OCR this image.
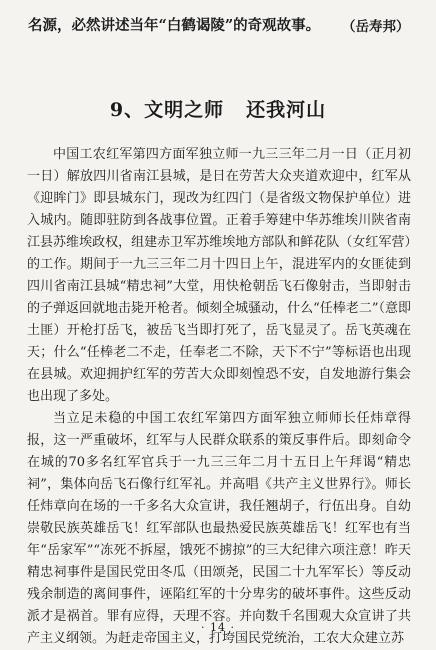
名源，必然讲述当年“白鹤谒陵”的奇观故事。 （岳寿邦）
9、文明之师 还我河山

中国工农红军第四方面军独立师一九三三年二月一日（正月初一日）解放四川省南江县城，是日在劳苦大众夹道欢迎中，红军从《迎眸门》即县城东门，现改为红四门（是省级文物保护单位）进入城内。随即驻防到各战事位置。正着手筹建中华苏维埃川陕省南江县苏维埃政权，组建赤卫军苏维埃地方部队和鲜花队（女红军营）的工作。期间于一九三三年二月十四日上午，混进军内的女匪徒到四川省南江县城“精忠祠”大堂，用快枪朝岳飞石像射击，当即射击的子弹返回就地击毙开枪者。倾刻全城骚动，什么“任棒老二”（意即土匪）开枪打岳飞，被岳飞当即打死了，岳飞显灵了。岳飞英魂在天；什么“任棒老二不走，任奉老二不除，天下不宁”等标语也出现在县城。欢迎拥护红军的劳苦大众即刻惶恐不安，自发地游行集会也出现了多处。

当立足未稳的中国工农红军第四方面军独立师师长任炜章得报，这一严重破坏，红军与人民群众联系的策反事件后。即刻命令在城的70多名红军官兵于一九三三年二月十五日上午拜谒“精忠祠”，集体向岳飞石像行红军礼。并高唱《共产主义世界行》。师长任炜章向在场的一千多名大众宣讲，我任翘胡子，行伍出身。自幼崇敬民族英雄岳飞！红军部队也最热爱民族英雄岳飞！红军也有当年“岳家军”“冻死不拆屋，饿死不掳掠”的三大纪律六项注意！昨天精忠祠事件是国民党田冬瓜（田颂尧，民国二十九军军长）等反动残余制造的离间事件，诬陷红军的十分卑劣的破坏事件。这些反动派才是祸首。罪有应得，天理不容。并向数千名围观大众宣讲了共产主义纲领。为赶走帝国主义，打垮国民党统治，工农大众建立苏

· 14 ·
